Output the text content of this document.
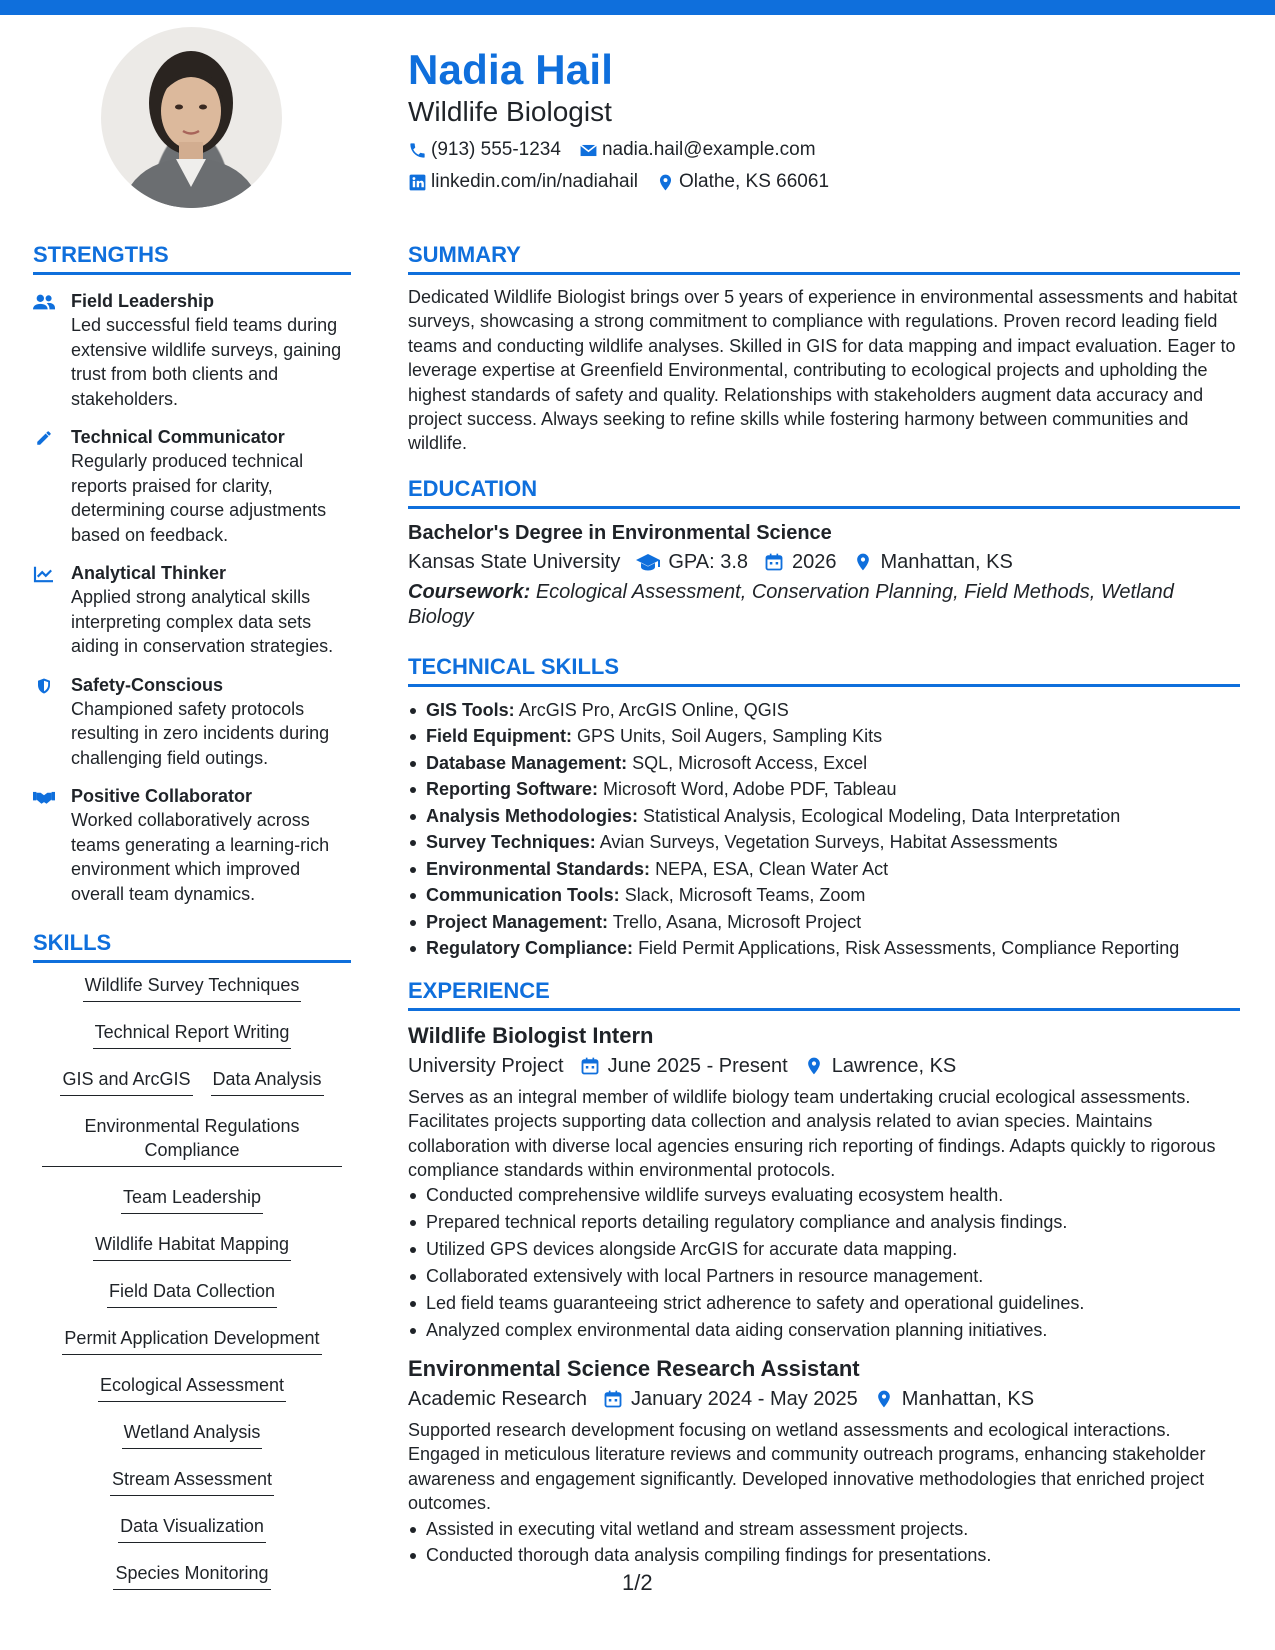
Nadia Hail
Wildlife Biologist
(913) 555-1234 nadia.hail@example.com
linkedin.com/in/nadiahail Olathe, KS 66061
STRENGTHS
Field Leadership
Led successful field teams during extensive wildlife surveys, gaining trust from both clients and stakeholders.
Technical Communicator
Regularly produced technical reports praised for clarity, determining course adjustments based on feedback.
Analytical Thinker
Applied strong analytical skills interpreting complex data sets aiding in conservation strategies.
Safety-Conscious
Championed safety protocols resulting in zero incidents during challenging field outings.
Positive Collaborator
Worked collaboratively across teams generating a learning-rich environment which improved overall team dynamics.
SKILLS
Wildlife Survey Techniques
Technical Report Writing
GIS and ArcGIS Data Analysis
Environmental Regulations Compliance
Team Leadership
Wildlife Habitat Mapping
Field Data Collection
Permit Application Development
Ecological Assessment
Wetland Analysis
Stream Assessment
Data Visualization
Species Monitoring
SUMMARY
Dedicated Wildlife Biologist brings over 5 years of experience in environmental assessments and habitat surveys, showcasing a strong commitment to compliance with regulations. Proven record leading field teams and conducting wildlife analyses. Skilled in GIS for data mapping and impact evaluation. Eager to leverage expertise at Greenfield Environmental, contributing to ecological projects and upholding the highest standards of safety and quality. Relationships with stakeholders augment data accuracy and project success. Always seeking to refine skills while fostering harmony between communities and wildlife.
EDUCATION
Bachelor's Degree in Environmental Science
Kansas State University GPA: 3.8 2026 Manhattan, KS
Coursework: Ecological Assessment, Conservation Planning, Field Methods, Wetland Biology
TECHNICAL SKILLS
GIS Tools: ArcGIS Pro, ArcGIS Online, QGIS
Field Equipment: GPS Units, Soil Augers, Sampling Kits
Database Management: SQL, Microsoft Access, Excel
Reporting Software: Microsoft Word, Adobe PDF, Tableau
Analysis Methodologies: Statistical Analysis, Ecological Modeling, Data Interpretation
Survey Techniques: Avian Surveys, Vegetation Surveys, Habitat Assessments
Environmental Standards: NEPA, ESA, Clean Water Act
Communication Tools: Slack, Microsoft Teams, Zoom
Project Management: Trello, Asana, Microsoft Project
Regulatory Compliance: Field Permit Applications, Risk Assessments, Compliance Reporting
EXPERIENCE
Wildlife Biologist Intern
University Project June 2025 - Present Lawrence, KS
Serves as an integral member of wildlife biology team undertaking crucial ecological assessments. Facilitates projects supporting data collection and analysis related to avian species. Maintains collaboration with diverse local agencies ensuring rich reporting of findings. Adapts quickly to rigorous compliance standards within environmental protocols.
Conducted comprehensive wildlife surveys evaluating ecosystem health.
Prepared technical reports detailing regulatory compliance and analysis findings.
Utilized GPS devices alongside ArcGIS for accurate data mapping.
Collaborated extensively with local Partners in resource management.
Led field teams guaranteeing strict adherence to safety and operational guidelines.
Analyzed complex environmental data aiding conservation planning initiatives.
Environmental Science Research Assistant
Academic Research January 2024 - May 2025 Manhattan, KS
Supported research development focusing on wetland assessments and ecological interactions. Engaged in meticulous literature reviews and community outreach programs, enhancing stakeholder awareness and engagement significantly. Developed innovative methodologies that enriched project outcomes.
Assisted in executing vital wetland and stream assessment projects.
Conducted thorough data analysis compiling findings for presentations.
1/2
